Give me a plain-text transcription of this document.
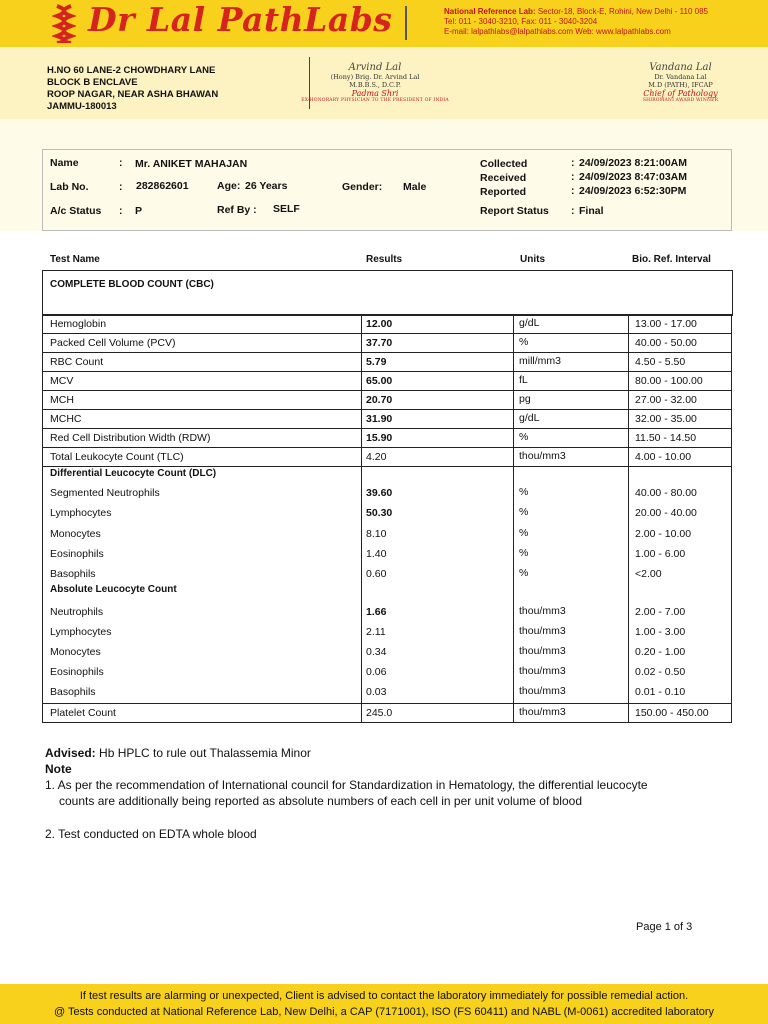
Dr Lal PathLabs	National Reference Lab: Sector-18, Block-E, Rohini, New Delhi - 110 085
Tel: 011 - 3040-3210, Fax: 011 - 3040-3204
E-mail: lalpathlabs@lalpathlabs.com Web: www.lalpathlabs.com
H.NO 60 LANE-2 CHOWDHARY LANE
BLOCK B ENCLAVE
ROOP NAGAR, NEAR ASHA BHAWAN
JAMMU-180013
Arvind Lal
(Hony) Brig. Dr. Arvind Lal
M.B.B.S., D.C.P.
Padma Shri
EX-HONORARY PHYSICIAN TO THE PRESIDENT OF INDIA
Vandana Lal
Dr. Vandana Lal
M.D (PATH), IFCAP
Chief of Pathology
SHIROMANI AWARD WINNER
Name	: Mr. ANIKET MAHAJAN
Lab No.	: 282862601	Age: 26 Years	Gender: Male
A/c Status : P	Ref By : SELF
Collected	: 24/09/2023 8:21:00AM
Received	: 24/09/2023 8:47:03AM
Reported	: 24/09/2023 6:52:30PM
Report Status : Final
Test Name	Results	Units	Bio. Ref. Interval
COMPLETE BLOOD COUNT (CBC)
Hemoglobin	12.00	g/dL	13.00 - 17.00
Packed Cell Volume (PCV)	37.70	%	40.00 - 50.00
RBC Count	5.79	mill/mm3	4.50 - 5.50
MCV	65.00	fL	80.00 - 100.00
MCH	20.70	pg	27.00 - 32.00
MCHC	31.90	g/dL	32.00 - 35.00
Red Cell Distribution Width (RDW)	15.90	%	11.50 - 14.50
Total Leukocyte Count (TLC)	4.20	thou/mm3	4.00 - 10.00
Differential Leucocyte Count (DLC)
Segmented Neutrophils	39.60	%	40.00 - 80.00
Lymphocytes	50.30	%	20.00 - 40.00
Monocytes	8.10	%	2.00 - 10.00
Eosinophils	1.40	%	1.00 - 6.00
Basophils	0.60	%	<2.00
Absolute Leucocyte Count
Neutrophils	1.66	thou/mm3	2.00 - 7.00
Lymphocytes	2.11	thou/mm3	1.00 - 3.00
Monocytes	0.34	thou/mm3	0.20 - 1.00
Eosinophils	0.06	thou/mm3	0.02 - 0.50
Basophils	0.03	thou/mm3	0.01 - 0.10
Platelet Count	245.0	thou/mm3	150.00 - 450.00

Advised: Hb HPLC to rule out Thalassemia Minor

Note

1. As per the recommendation of International council for Standardization in Hematology, the differential leucocyte counts are additionally being reported as absolute numbers of each cell in per unit volume of blood

2. Test conducted on EDTA whole blood

Page 1 of 3
If test results are alarming or unexpected, Client is advised to contact the laboratory immediately for possible remedial action.
@ Tests conducted at National Reference Lab, New Delhi, a CAP (7171001), ISO (FS 60411) and NABL (M-0061) accredited laboratory
